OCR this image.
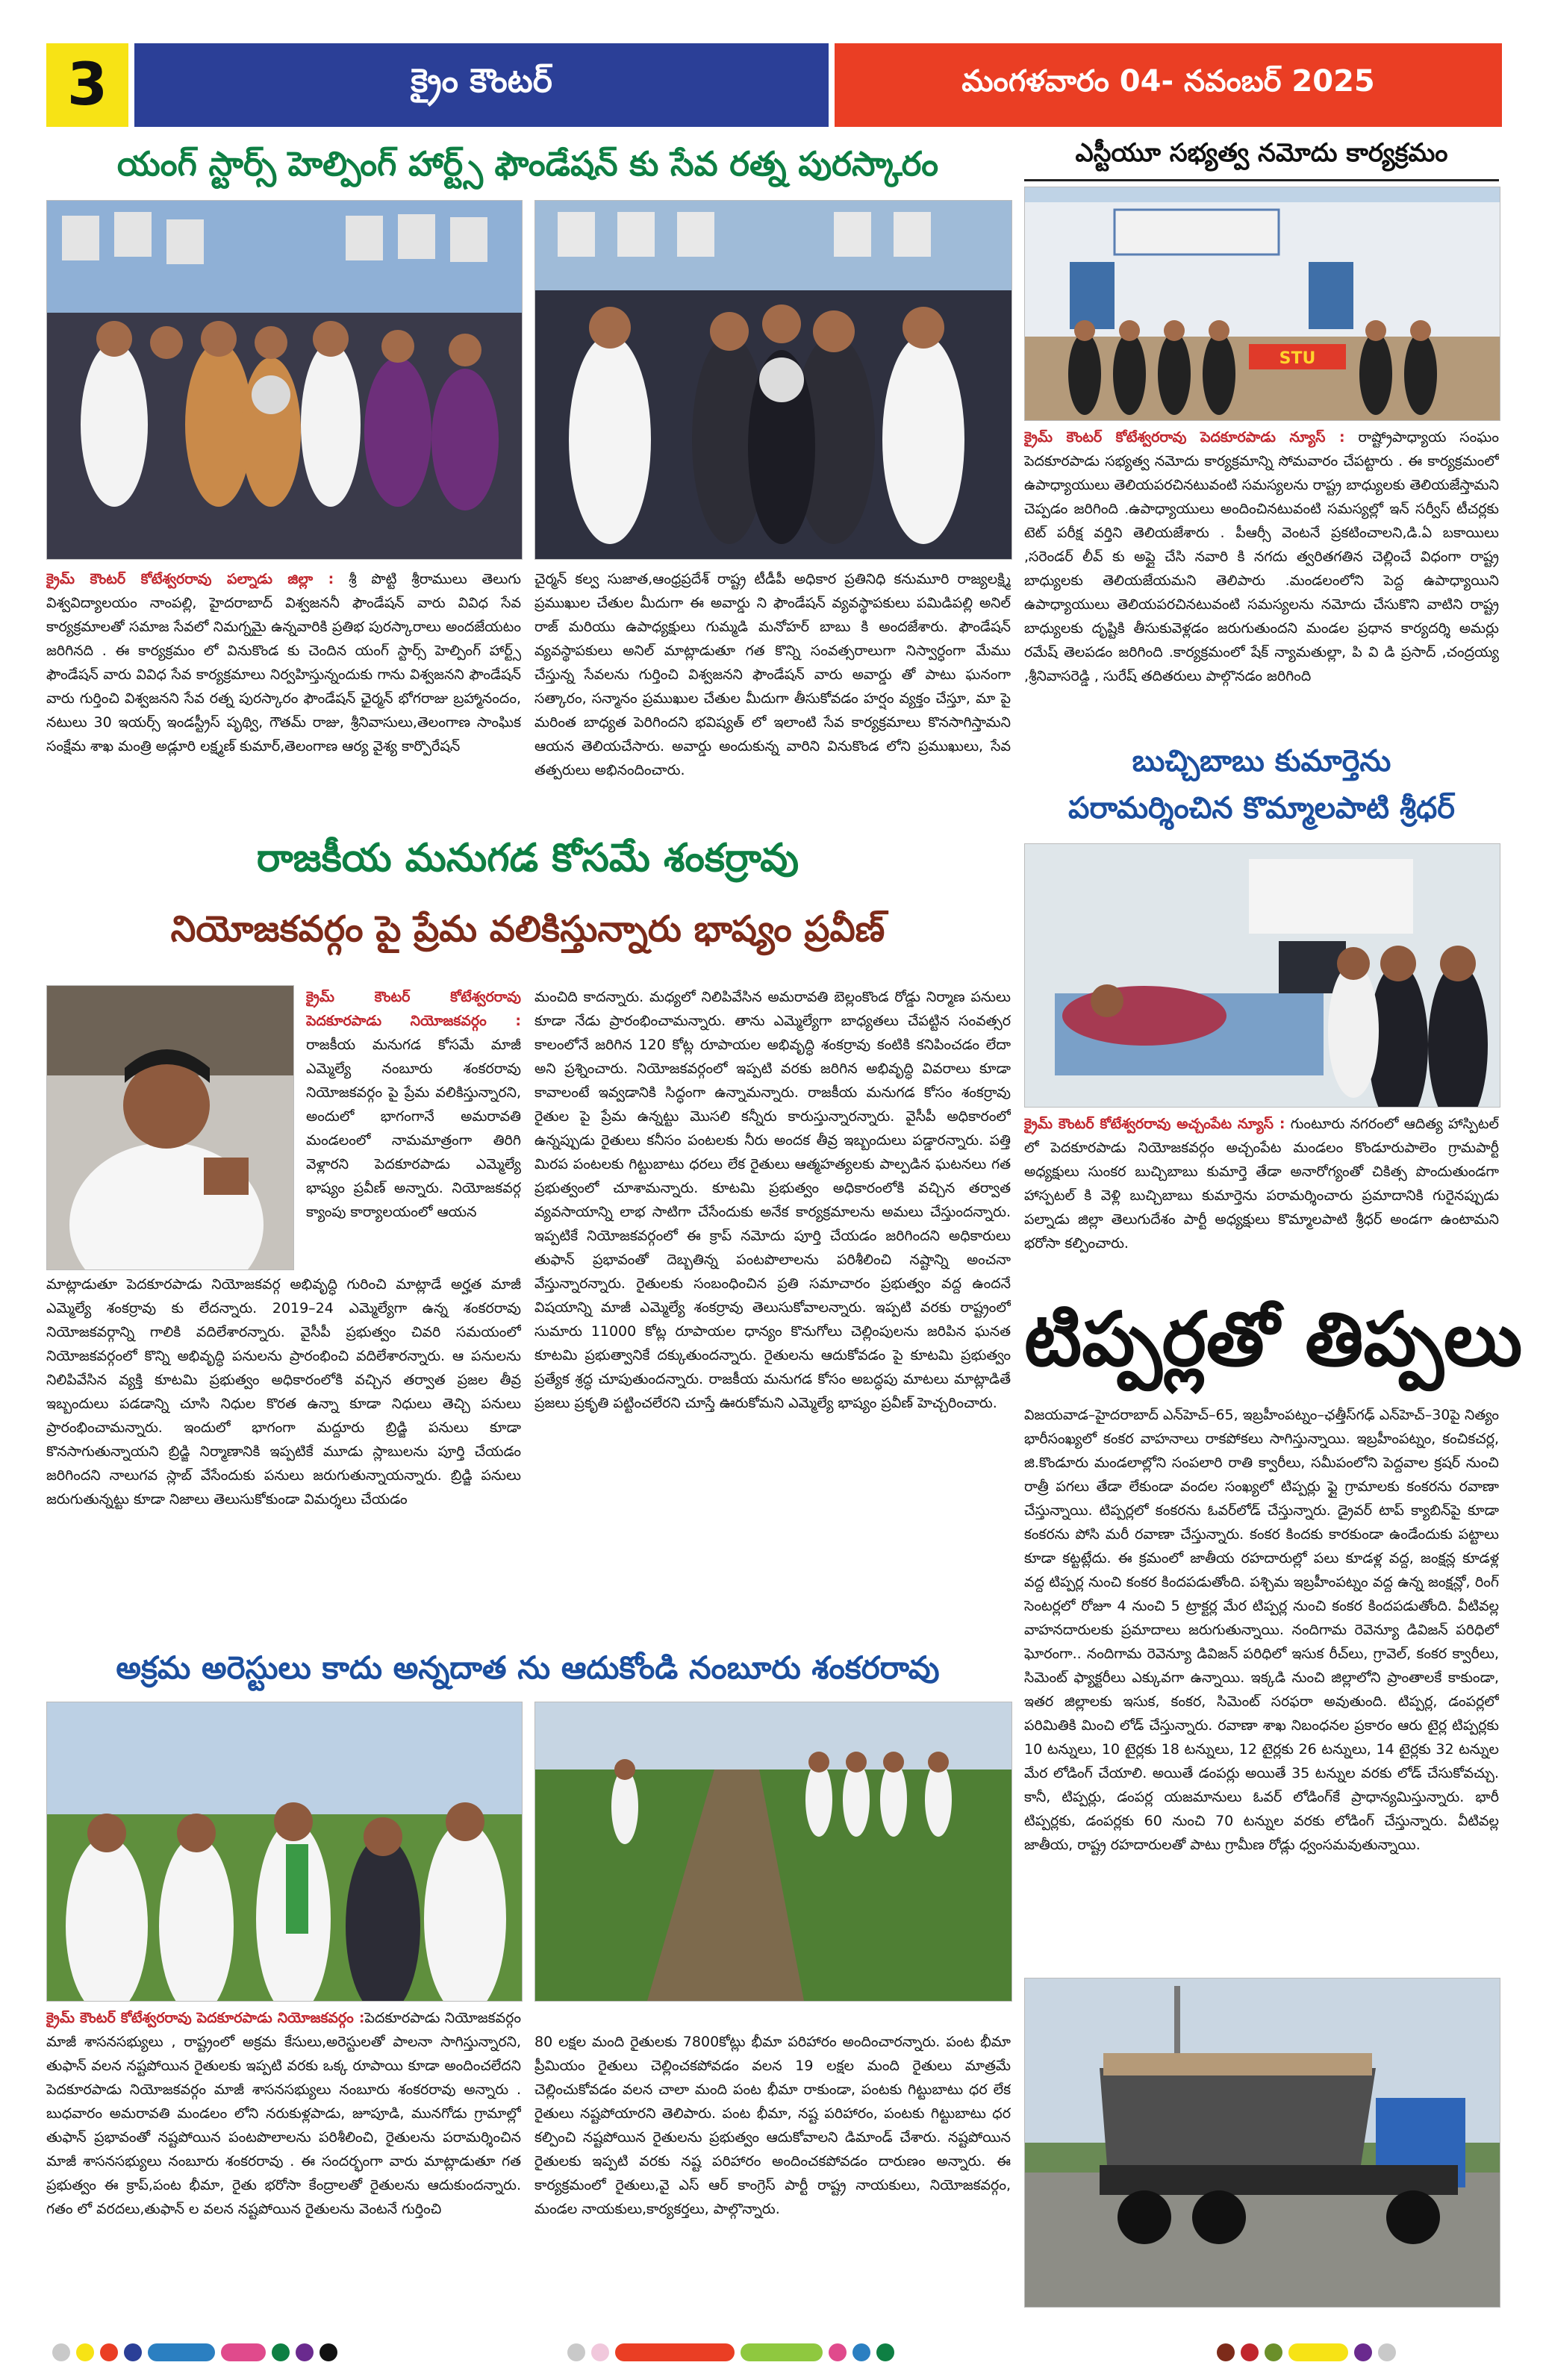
3	క్రైం కౌంటర్	మంగళవారం 04- నవంబర్ 2025
యంగ్ స్టార్స్ హెల్పింగ్ హార్ట్స్ ఫౌండేషన్ కు సేవ రత్న పురస్కారం
క్రైమ్ కౌంటర్ కోటేశ్వరరావు పల్నాడు జిల్లా : శ్రీ పొట్టి శ్రీరాములు తెలుగు విశ్వవిద్యాలయం నాంపల్లి, హైదరాబాద్ విశ్వజననీ ఫౌండేషన్ వారు వివిధ సేవ కార్యక్రమాలతో సమాజ సేవలో నిమగ్నమై ఉన్నవారికి ప్రతిభ పురస్కారాలు అందజేయటం జరిగినది . ఈ కార్యక్రమం లో వినుకొండ కు చెందిన యంగ్ స్టార్స్ హెల్పింగ్ హార్ట్స్ ఫౌండేషన్ వారు వివిధ సేవ కార్యక్రమాలు నిర్వహిస్తున్నందుకు గాను విశ్వజనని ఫౌండేషన్ వారు గుర్తించి విశ్వజనని సేవ రత్న పురస్కారం ఫౌండేషన్ ఛైర్మన్ భోగరాజు బ్రహ్మానందం, నటులు 30 ఇయర్స్ ఇండస్ట్రీస్ పృథ్వి, గౌతమ్ రాజు, శ్రీనివాసులు,తెలంగాణ సాంఘిక సంక్షేమ శాఖ మంత్రి అడ్లూరి లక్ష్మణ్ కుమార్,తెలంగాణ ఆర్య వైశ్య కార్పొరేషన్
చైర్మన్ కల్వ సుజాత,ఆంధ్రప్రదేశ్ రాష్ట్ర టీడీపీ అధికార ప్రతినిధి కనుమూరి రాజ్యలక్ష్మి ప్రముఖుల చేతుల మీదుగా ఈ అవార్డు ని ఫౌండేషన్ వ్యవస్థాపకులు పమిడిపల్లి అనిల్ రాజ్ మరియు ఉపాధ్యక్షులు గుమ్మడి మనోహర్ బాబు కి అందజేశారు. ఫౌండేషన్ వ్యవస్థాపకులు అనిల్ మాట్లాడుతూ గత కొన్ని సంవత్సరాలుగా నిస్వార్ధంగా మేము చేస్తున్న సేవలను గుర్తించి విశ్వజనని ఫౌండేషన్ వారు అవార్డు తో పాటు ఘనంగా సత్కారం, సన్మానం ప్రముఖుల చేతుల మీదుగా తీసుకోవడం హర్షం వ్యక్తం చేస్తూ, మా పై మరింత బాధ్యత పెరిగిందని భవిష్యత్ లో ఇలాంటి సేవ కార్యక్రమాలు కొనసాగిస్తామని ఆయన తెలియచేసారు. అవార్డు అందుకున్న వారిని వినుకొండ లోని ప్రముఖులు, సేవ తత్పరులు అభినందించారు.
ఎస్టీయూ సభ్యత్వ నమోదు కార్యక్రమం
STU
క్రైమ్ కౌంటర్ కోటేశ్వరరావు పెదకూరపాడు న్యూస్ : రాష్ట్రోపాధ్యాయ సంఘం పెదకూరపాడు సభ్యత్వ నమోదు కార్యక్రమాన్ని సోమవారం చేపట్టారు . ఈ కార్యక్రమంలో ఉపాధ్యాయులు తెలియపరచినటువంటి సమస్యలను రాష్ట్ర బాధ్యులకు తెలియజేస్తామని చెప్పడం జరిగింది .ఉపాధ్యాయులు అందించినటువంటి సమస్యల్లో ఇన్ సర్వీస్ టీచర్లకు టెట్ పరీక్ష వర్తిని తెలియజేశారు . పీఆర్సీ వెంటనే ప్రకటించాలని,డి.ఏ బకాయిలు ,సరెండర్ లీవ్ కు అప్లై చేసి నవారి కి నగదు త్వరితగతిన చెల్లించే విధంగా రాష్ట్ర బాధ్యులకు తెలియజేయమని తెలిపారు .మండలంలోని పెద్ద ఉపాధ్యాయిని ఉపాధ్యాయులు తెలియపరచినటువంటి సమస్యలను నమోదు చేసుకొని వాటిని రాష్ట్ర బాధ్యులకు దృష్టికి తీసుకువెళ్లడం జరుగుతుందని మండల ప్రధాన కార్యదర్శి అమర్లు రమేష్ తెలపడం జరిగింది .కార్యక్రమంలో షేక్ న్యామతుల్లా, పి వి డి ప్రసాద్ ,చంద్రయ్య ,శ్రీనివాసరెడ్డి , సురేష్ తదితరులు పాల్గొనడం జరిగింది
బుచ్చిబాబు కుమార్తెను
పరామర్శించిన కొమ్మాలపాటి శ్రీధర్
క్రైమ్ కౌంటర్ కోటేశ్వరరావు అచ్చంపేట న్యూస్ : గుంటూరు నగరంలో ఆదిత్య హాస్పిటల్ లో పెదకూరపాడు నియోజకవర్గం అచ్చంపేట మండలం కొండూరుపాలెం గ్రామపార్టీ అధ్యక్షులు సుంకర బుచ్చిబాబు కుమార్తె తేడా అనారోగ్యంతో చికిత్స పొందుతుండగా హాస్పటల్ కి వెళ్లి బుచ్చిబాబు కుమార్తెను పరామర్శించారు ప్రమాదానికి గురైనప్పుడు పల్నాడు జిల్లా తెలుగుదేశం పార్టీ అధ్యక్షులు కొమ్మాలపాటి శ్రీధర్ అండగా ఉంటామని భరోసా కల్పించారు.
రాజకీయ మనుగడ కోసమే శంకర్రావు
నియోజకవర్గం పై ప్రేమ వలికిస్తున్నారు భాష్యం ప్రవీణ్
క్రైమ్ కౌంటర్ కోటేశ్వరరావు పెదకూరపాడు నియోజకవర్గం : రాజకీయ మనుగడ కోసమే మాజీ ఎమ్మెల్యే నంబూరు శంకరరావు నియోజకవర్గం పై ప్రేమ వలికిస్తున్నారని, అందులో భాగంగానే అమరావతి మండలంలో నామమాత్రంగా తిరిగి వెళ్లారని పెదకూరపాడు ఎమ్మెల్యే భాష్యం ప్రవీణ్ అన్నారు. నియోజకవర్గ క్యాంపు కార్యాలయంలో ఆయన
మాట్లాడుతూ పెదకూరపాడు నియోజకవర్గ అభివృద్ధి గురించి మాట్లాడే అర్హత మాజీ ఎమ్మెల్యే శంకర్రావు కు లేదన్నారు. 2019–24 ఎమ్మెల్యేగా ఉన్న శంకరరావు నియోజకవర్గాన్ని గాలికి వదిలేశారన్నారు. వైసీపీ ప్రభుత్వం చివరి సమయంలో నియోజకవర్గంలో కొన్ని అభివృద్ధి పనులను ప్రారంభించి వదిలేశారన్నారు. ఆ పనులను నిలిపివేసిన వ్యక్తి కూటమి ప్రభుత్వం అధికారంలోకి వచ్చిన తర్వాత ప్రజల తీవ్ర ఇబ్బందులు పడడాన్ని చూసి నిధుల కొరత ఉన్నా కూడా నిధులు తెచ్చి పనులు ప్రారంభించామన్నారు. ఇందులో భాగంగా మద్దూరు బ్రిడ్జి పనులు కూడా కొనసాగుతున్నాయని బ్రిడ్జి నిర్మాణానికి ఇప్పటికే మూడు స్లాబులను పూర్తి చేయడం జరిగిందని నాలుగవ స్లాబ్ వేసేందుకు పనులు జరుగుతున్నాయన్నారు. బ్రిడ్జి పనులు జరుగుతున్నట్టు కూడా నిజాలు తెలుసుకోకుండా విమర్శలు చేయడం
మంచిది కాదన్నారు. మధ్యలో నిలిపివేసిన అమరావతి బెల్లంకొండ రోడ్డు నిర్మాణ పనులు కూడా నేడు ప్రారంభించామన్నారు. తాను ఎమ్మెల్యేగా బాధ్యతలు చేపట్టిన సంవత్సర కాలంలోనే జరిగిన 120 కోట్ల రూపాయల అభివృద్ధి శంకర్రావు కంటికి కనిపించడం లేదా అని ప్రశ్నించారు. నియోజకవర్గంలో ఇప్పటి వరకు జరిగిన అభివృద్ధి వివరాలు కూడా కావాలంటే ఇవ్వడానికి సిద్ధంగా ఉన్నామన్నారు. రాజకీయ మనుగడ కోసం శంకర్రావు రైతుల పై ప్రేమ ఉన్నట్టు మొసలి కన్నీరు కారుస్తున్నారన్నారు. వైసీపీ అధికారంలో ఉన్నప్పుడు రైతులు కనీసం పంటలకు నీరు అందక తీవ్ర ఇబ్బందులు పడ్డారన్నారు. పత్తి మిరప పంటలకు గిట్టుబాటు ధరలు లేక రైతులు ఆత్మహత్యలకు పాల్పడిన ఘటనలు గత ప్రభుత్వంలో చూశామన్నారు. కూటమి ప్రభుత్వం అధికారంలోకి వచ్చిన తర్వాత వ్యవసాయాన్ని లాభ సాటిగా చేసేందుకు అనేక కార్యక్రమాలను అమలు చేస్తుందన్నారు. ఇప్పటికే నియోజకవర్గంలో ఈ క్రాప్ నమోదు పూర్తి చేయడం జరిగిందని అధికారులు తుఫాన్ ప్రభావంతో దెబ్బతిన్న పంటపొలాలను పరిశీలించి నష్టాన్ని అంచనా వేస్తున్నారన్నారు. రైతులకు సంబంధించిన ప్రతి సమాచారం ప్రభుత్వం వద్ద ఉందనే విషయాన్ని మాజీ ఎమ్మెల్యే శంకర్రావు తెలుసుకోవాలన్నారు. ఇప్పటి వరకు రాష్ట్రంలో సుమారు 11000 కోట్ల రూపాయల ధాన్యం కొనుగోలు చెల్లింపులను జరిపిన ఘనత కూటమి ప్రభుత్వానికే దక్కుతుందన్నారు. రైతులను ఆదుకోవడం పై కూటమి ప్రభుత్వం ప్రత్యేక శ్రద్ధ చూపుతుందన్నారు. రాజకీయ మనుగడ కోసం అబద్ధపు మాటలు మాట్లాడితే ప్రజలు ప్రకృతి పట్టించలేరని చూస్తే ఊరుకోమని ఎమ్మెల్యే భాష్యం ప్రవీణ్ హెచ్చరించారు.
టిప్పర్లతో తిప్పలు
విజయవాడ–హైదరాబాద్ ఎన్‌హెచ్–65, ఇబ్రహీంపట్నం–ఛత్తీస్‌గఢ్ ఎన్‌హెచ్–30పై నిత్యం భారీసంఖ్యలో కంకర వాహనాలు రాకపోకలు సాగిస్తున్నాయి. ఇబ్రహీంపట్నం, కంచికచర్ల, జి.కొండూరు మండలాల్లోని సంపలారి రాతి క్వారీలు, సమీపంలోని పెద్దవాల క్రషర్ నుంచి రాత్రీ పగలు తేడా లేకుండా వందల సంఖ్యలో టిప్పర్లు ఫ్లై గ్రామాలకు కంకరను రవాణా చేస్తున్నాయి. టిప్పర్లలో కంకరను ఓవర్‌లోడ్‌ చేస్తున్నారు. డ్రైవర్ టాప్ క్యాబిన్‌పై కూడా కంకరను పోసి మరీ రవాణా చేస్తున్నారు. కంకర కిందకు కారకుండా ఉండేందుకు పట్టాలు కూడా కట్టట్లేదు. ఈ క్రమంలో జాతీయ రహదారుల్లో పలు కూడళ్ల వద్ద, జంక్షన్ల కూడళ్ల వద్ద టిప్పర్ల నుంచి కంకర కిందపడుతోంది. పశ్చిమ ఇబ్రహీంపట్నం వద్ద ఉన్న జంక్షన్లో, రింగ్ సెంటర్లలో రోజూ 4 నుంచి 5 ట్రాక్టర్ల మేర టిప్పర్ల నుంచి కంకర కిందపడుతోంది. వీటివల్ల వాహనదారులకు ప్రమాదాలు జరుగుతున్నాయి. నందిగామ రెవెన్యూ డివిజన్ పరిధిలో ఘోరంగా.. నందిగామ రెవెన్యూ డివిజన్ పరిధిలో ఇసుక రీచ్‌లు, గ్రావెల్, కంకర క్వారీలు, సిమెంట్ ఫ్యాక్టరీలు ఎక్కువగా ఉన్నాయి. ఇక్కడి నుంచి జిల్లాలోని ప్రాంతాలకే కాకుండా, ఇతర జిల్లాలకు ఇసుక, కంకర, సిమెంట్ సరఫరా అవుతుంది. టిప్పర్ల, డంపర్లలో పరిమితికి మించి లోడ్ చేస్తున్నారు. రవాణా శాఖ నిబంధనల ప్రకారం ఆరు టైర్ల టిప్పర్లకు 10 టన్నులు, 10 టైర్లకు 18 టన్నులు, 12 టైర్లకు 26 టన్నులు, 14 టైర్లకు 32 టన్నుల మేర లోడింగ్ చేయాలి. అయితే డంపర్లు అయితే 35 టన్నుల వరకు లోడ్ చేసుకోవచ్చు. కానీ, టిప్పర్లు, డంపర్ల యజమానులు ఓవర్ లోడింగ్‌కే ప్రాధాన్యమిస్తున్నారు. భారీ టిప్పర్లకు, డంపర్లకు 60 నుంచి 70 టన్నుల వరకు లోడింగ్ చేస్తున్నారు. వీటివల్ల జాతీయ, రాష్ట్ర రహదారులతో పాటు గ్రామీణ రోడ్లు ధ్వంసమవుతున్నాయి.
అక్రమ అరెస్టులు కాదు అన్నదాత ను ఆదుకోండి నంబూరు శంకరరావు
క్రైమ్ కౌంటర్ కోటేశ్వరరావు పెదకూరపాడు నియోజకవర్గం :పెదకూరపాడు నియోజకవర్గం మాజీ శాసనసభ్యులు , రాష్ట్రంలో అక్రమ కేసులు,అరెస్టులతో పాలనా సాగిస్తున్నారని, తుఫాన్ వలన నష్టపోయిన రైతులకు ఇప్పటి వరకు ఒక్క రూపాయి కూడా అందించలేదని పెదకూరపాడు నియోజకవర్గం మాజీ శాసనసభ్యులు నంబూరు శంకరరావు అన్నారు . బుధవారం అమరావతి మండలం లోని నరుకుళ్లపాడు, జూపూడి, మునగోడు గ్రామాల్లో తుఫాన్ ప్రభావంతో నష్టపోయిన పంటపొలాలను పరిశీలించి, రైతులను పరామర్శించిన మాజీ శాసనసభ్యులు నంబూరు శంకరరావు . ఈ సందర్భంగా వారు మాట్లాడుతూ గత ప్రభుత్వం ఈ క్రాప్,పంట భీమా, రైతు భరోసా కేంద్రాలతో రైతులను ఆదుకుందన్నారు. గతం లో వరదలు,తుఫాన్ ల వలన నష్టపోయిన రైతులను వెంటనే గుర్తించి
80 లక్షల మంది రైతులకు 7800కోట్లు భీమా పరిహారం అందించారన్నారు. పంట భీమా ప్రీమియం రైతులు చెల్లించకపోవడం వలన 19 లక్షల మంది రైతులు మాత్రమే చెల్లించుకోవడం వలన చాలా మంది పంట భీమా రాకుండా, పంటకు గిట్టుబాటు ధర లేక రైతులు నష్టపోయారని తెలిపారు. పంట భీమా, నష్ట పరిహారం, పంటకు గిట్టుబాటు ధర కల్పించి నష్టపోయిన రైతులను ప్రభుత్వం ఆదుకోవాలని డిమాండ్ చేశారు. నష్టపోయిన రైతులకు ఇప్పటి వరకు నష్ట పరిహారం అందించకపోవడం దారుణం అన్నారు. ఈ కార్యక్రమంలో రైతులు,వై ఎస్ ఆర్ కాంగ్రెస్ పార్టీ రాష్ట్ర నాయకులు, నియోజకవర్గం, మండల నాయకులు,కార్యకర్తలు, పాల్గొన్నారు.
